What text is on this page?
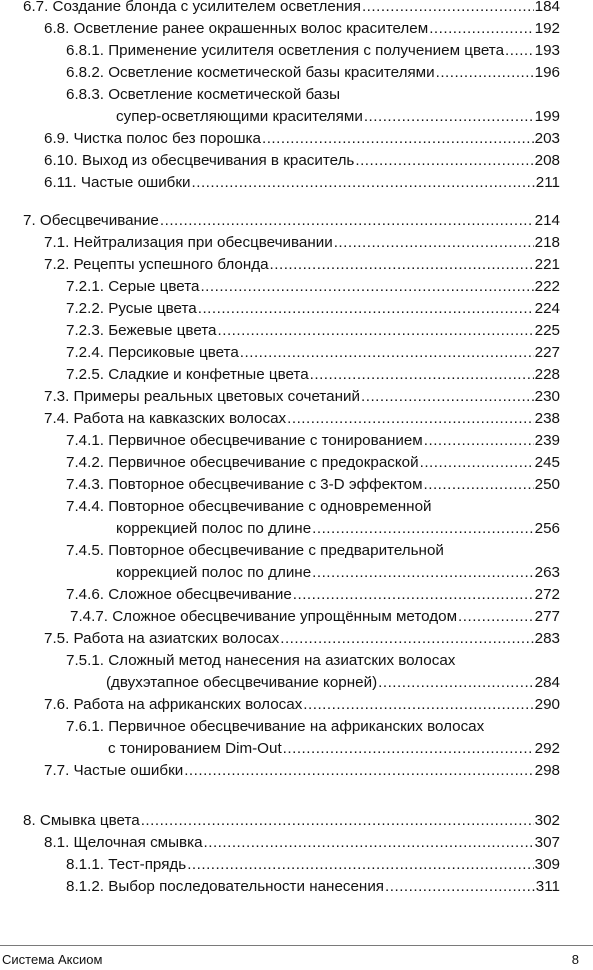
6.7. Создание блонда с усилителем осветления .....	184
6.8. Осветление ранее окрашенных волос красителем .....	192
6.8.1. Применение усилителя осветления с получением цвета ..... 193
6.8.2. Осветление косметической базы красителями .....	196
6.8.3. Осветление косметической базы
супер-осветляющими красителями .....	199
6.9. Чистка полос без порошка .....	203
6.10. Выход из обесцвечивания в краситель .....	208
6.11. Частые ошибки .....	211
7. Обесцвечивание .....	214
7.1. Нейтрализация при обесцвечивании .....	218
7.2. Рецепты успешного блонда .....	221
7.2.1. Серые цвета .....	222
7.2.2. Русые цвета .....	224
7.2.3. Бежевые цвета .....	225
7.2.4. Персиковые цвета .....	227
7.2.5. Сладкие и конфетные цвета .....	228
7.3. Примеры реальных цветовых сочетаний .....	230
7.4. Работа на кавказских волосах .....	238
7.4.1. Первичное обесцвечивание с тонированием .....	239
7.4.2. Первичное обесцвечивание с предокраской .....	245
7.4.3. Повторное обесцвечивание с 3-D эффектом .....	250
7.4.4. Повторное обесцвечивание с одновременной
коррекцией полос по длине .....	256
7.4.5. Повторное обесцвечивание с предварительной
коррекцией полос по длине .....	263
7.4.6. Сложное обесцвечивание .....	272
7.4.7. Сложное обесцвечивание упрощённым методом .....	277
7.5. Работа на азиатских волосах .....	283
7.5.1. Сложный метод нанесения на азиатских волосах
(двухэтапное обесцвечивание корней) .....	284
7.6. Работа на африканских волосах .....	290
7.6.1. Первичное обесцвечивание на африканских волосах
с тонированием Dim-Out .....	292
7.7. Частые ошибки .....	298
8. Смывка цвета .....	302
8.1. Щелочная смывка .....	307
8.1.1. Тест-прядь .....	309
8.1.2. Выбор последовательности нанесения .....	311
Система Аксиом	8
